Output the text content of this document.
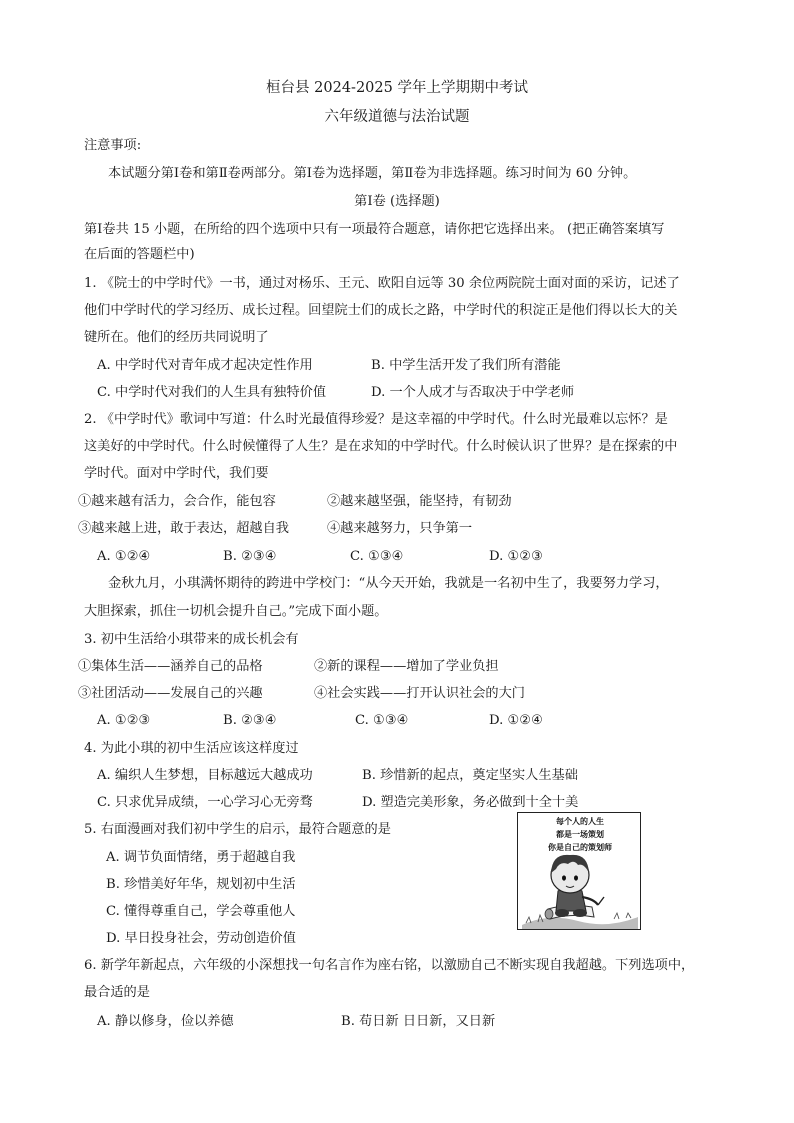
桓台县 2024-2025 学年上学期期中考试
六年级道德与法治试题
注意事项:
本试题分第Ⅰ卷和第Ⅱ卷两部分。第Ⅰ卷为选择题，第Ⅱ卷为非选择题。练习时间为 60 分钟。
第Ⅰ卷 (选择题)
第Ⅰ卷共 15 小题，在所给的四个选项中只有一项最符合题意，请你把它选择出来。 (把正确答案填写
在后面的答题栏中)
1. 《院士的中学时代》一书，通过对杨乐、王元、欧阳自远等 30 余位两院院士面对面的采访，记述了
他们中学时代的学习经历、成长过程。回望院士们的成长之路，中学时代的积淀正是他们得以长大的关
键所在。他们的经历共同说明了
A. 中学时代对青年成才起决定性作用	B. 中学生活开发了我们所有潜能
C. 中学时代对我们的人生具有独特价值	D. 一个人成才与否取决于中学老师
2. 《中学时代》歌词中写道：什么时光最值得珍爱？是这幸福的中学时代。什么时光最难以忘怀？是
这美好的中学时代。什么时候懂得了人生？是在求知的中学时代。什么时候认识了世界？是在探索的中
学时代。面对中学时代，我们要
①越来越有活力，会合作，能包容	②越来越坚强，能坚持，有韧劲
③越来越上进，敢于表达，超越自我	④越来越努力，只争第一
A. ①②④	B. ②③④	C. ①③④	D. ①②③
金秋九月，小琪满怀期待的跨进中学校门：“从今天开始，我就是一名初中生了，我要努力学习，
大胆探索，抓住一切机会提升自己。”完成下面小题。
3. 初中生活给小琪带来的成长机会有
①集体生活——涵养自己的品格	②新的课程——增加了学业负担
③社团活动——发展自己的兴趣	④社会实践——打开认识社会的大门
A. ①②③	B. ②③④	C. ①③④	D. ①②④
4. 为此小琪的初中生活应该这样度过
A. 编织人生梦想，目标越远大越成功	B. 珍惜新的起点，奠定坚实人生基础
C. 只求优异成绩，一心学习心无旁骛	D. 塑造完美形象，务必做到十全十美
5. 右面漫画对我们初中学生的启示，最符合题意的是
A. 调节负面情绪，勇于超越自我
B. 珍惜美好年华，规划初中生活
C. 懂得尊重自己，学会尊重他人
D. 早日投身社会，劳动创造价值
每个人的人生
都是一场策划
你是自己的策划师
6. 新学年新起点，六年级的小深想找一句名言作为座右铭，以激励自己不断实现自我超越。下列选项中，
最合适的是
A. 静以修身，俭以养德	B. 苟日新 日日新，又日新
